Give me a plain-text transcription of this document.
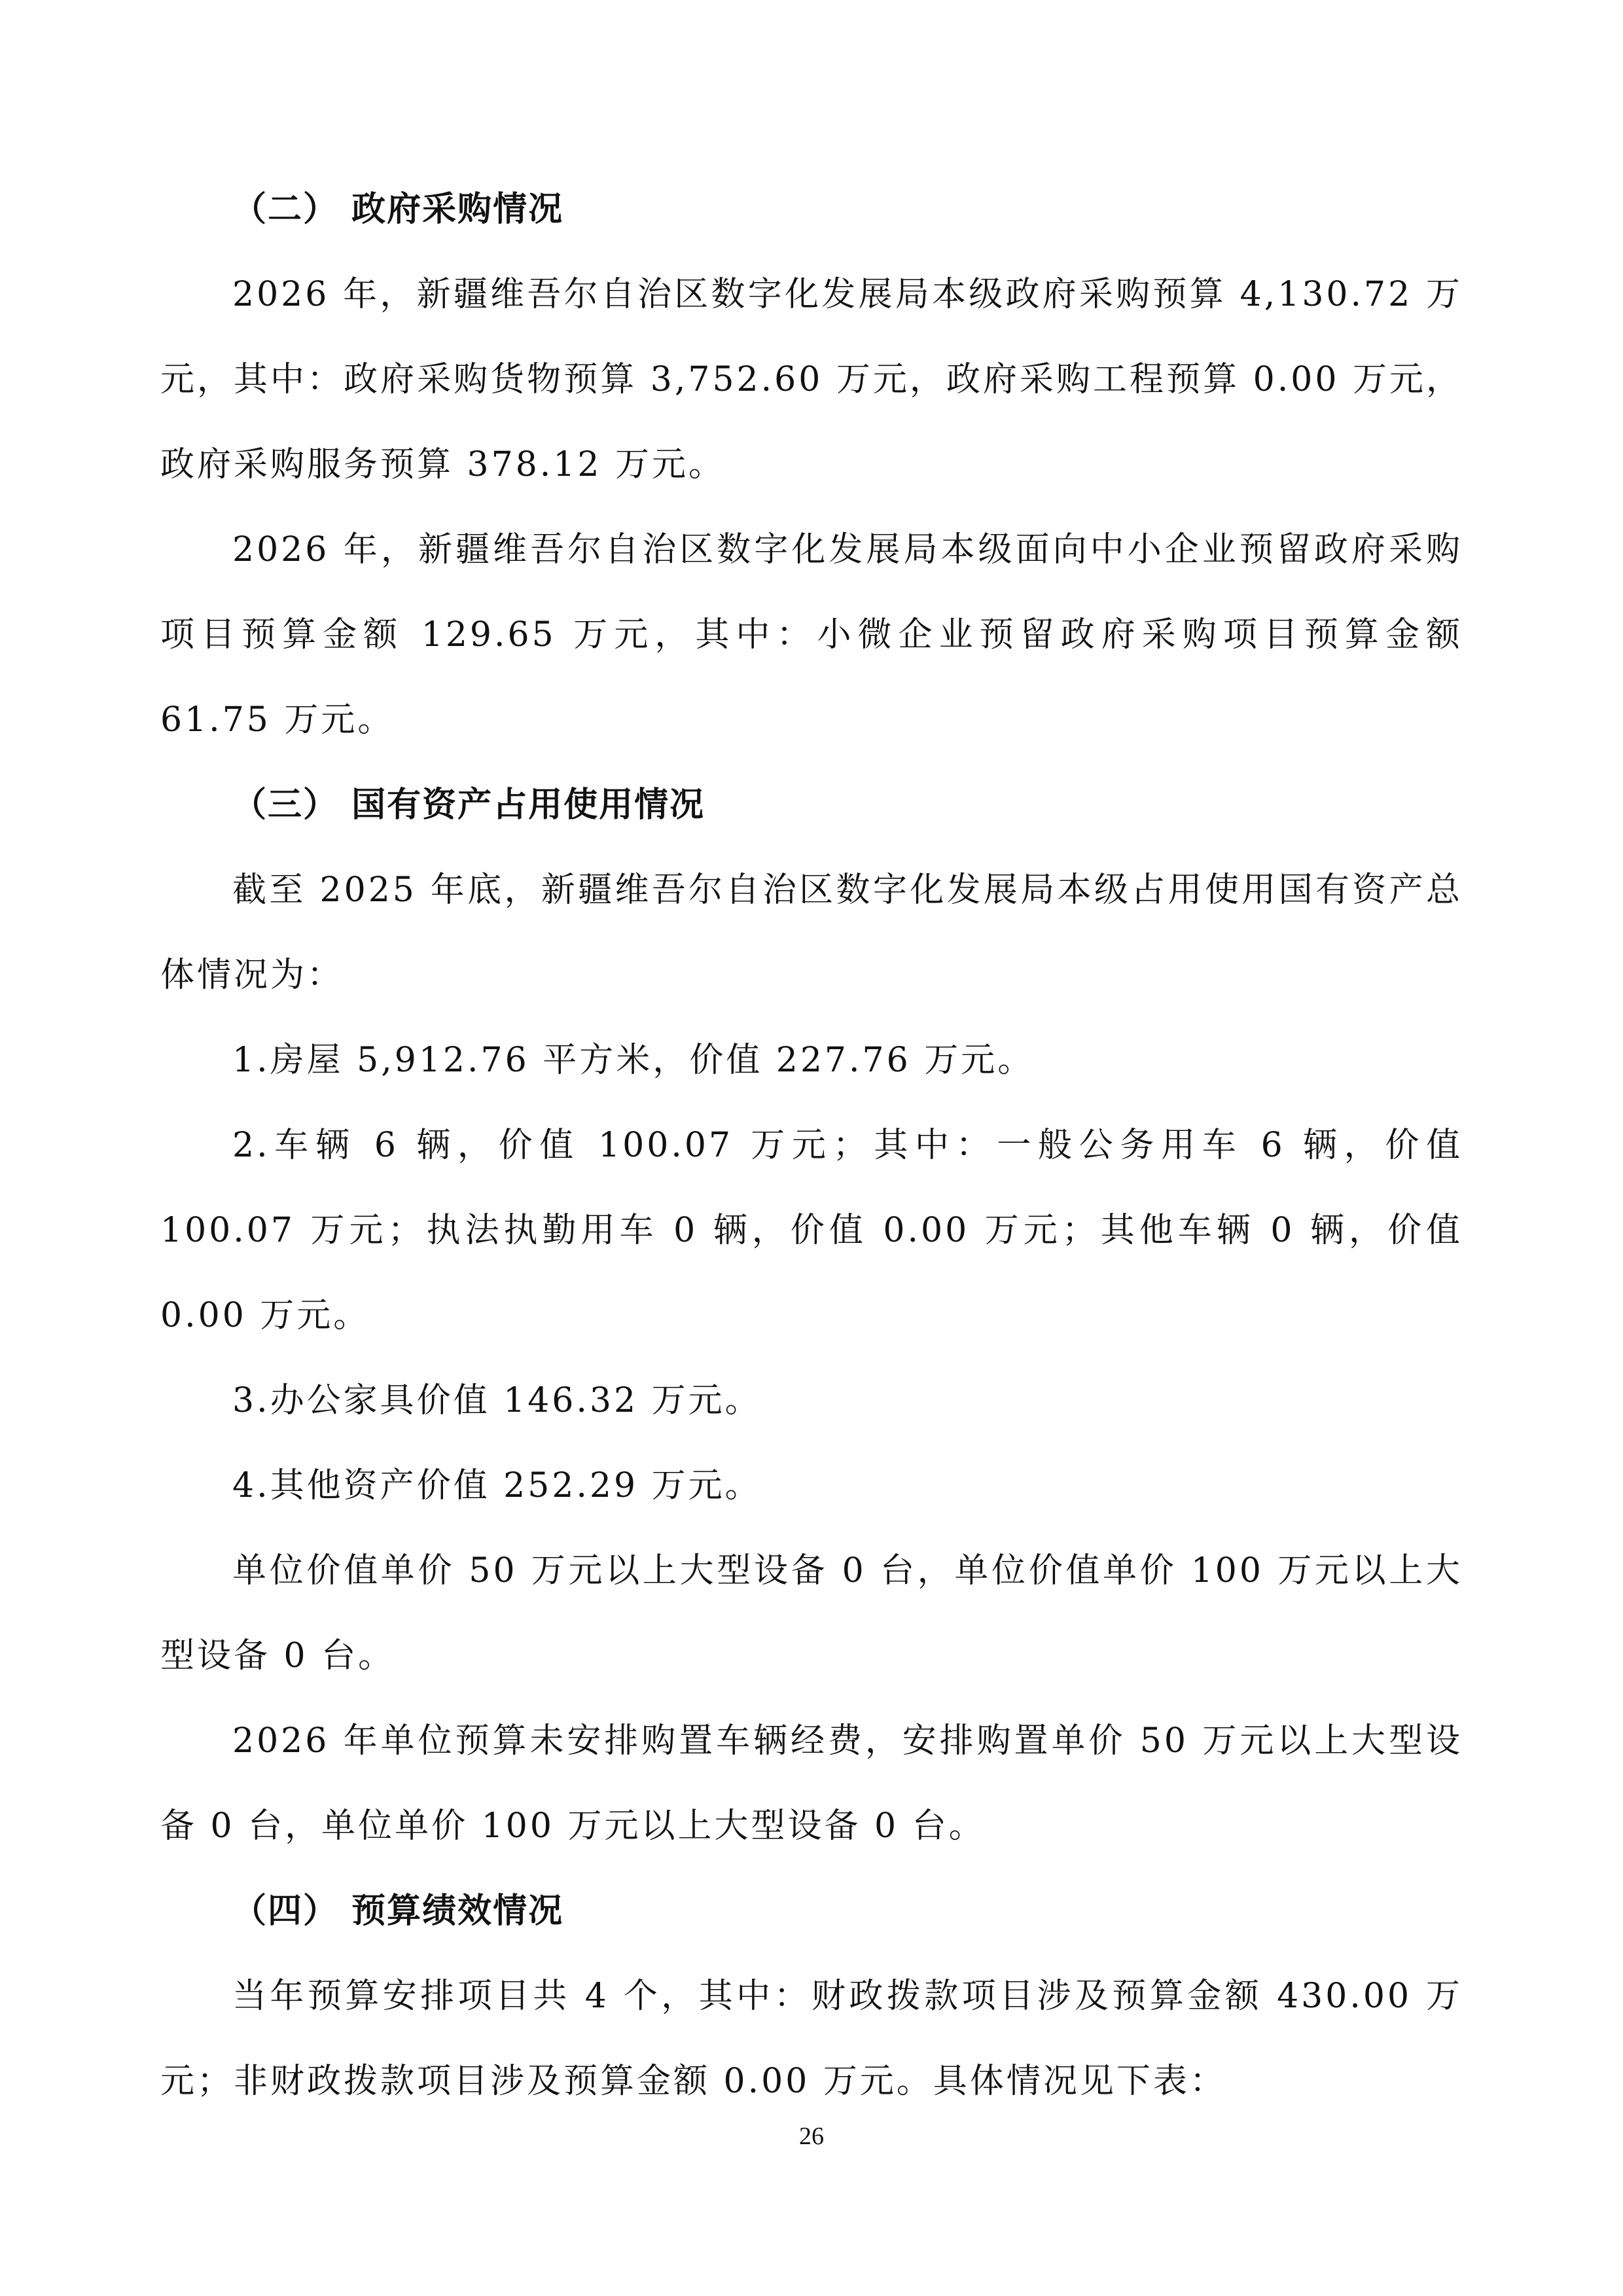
（二） 政府采购情况

2026 年，新疆维吾尔自治区数字化发展局本级政府采购预算 4,130.72 万元，其中：政府采购货物预算 3,752.60 万元，政府采购工程预算 0.00 万元，政府采购服务预算 378.12 万元。

2026 年，新疆维吾尔自治区数字化发展局本级面向中小企业预留政府采购项目预算金额 129.65 万元，其中：小微企业预留政府采购项目预算金额 61.75 万元。

（三） 国有资产占用使用情况

截至 2025 年底，新疆维吾尔自治区数字化发展局本级占用使用国有资产总体情况为：

1.房屋 5,912.76 平方米，价值 227.76 万元。

2.车辆 6 辆，价值 100.07 万元；其中：一般公务用车 6 辆，价值 100.07 万元；执法执勤用车 0 辆，价值 0.00 万元；其他车辆 0 辆，价值 0.00 万元。

3.办公家具价值 146.32 万元。

4.其他资产价值 252.29 万元。

单位价值单价 50 万元以上大型设备 0 台，单位价值单价 100 万元以上大型设备 0 台。

2026 年单位预算未安排购置车辆经费，安排购置单价 50 万元以上大型设备 0 台，单位单价 100 万元以上大型设备 0 台。

（四） 预算绩效情况

当年预算安排项目共 4 个，其中：财政拨款项目涉及预算金额 430.00 万元；非财政拨款项目涉及预算金额 0.00 万元。具体情况见下表：

26
